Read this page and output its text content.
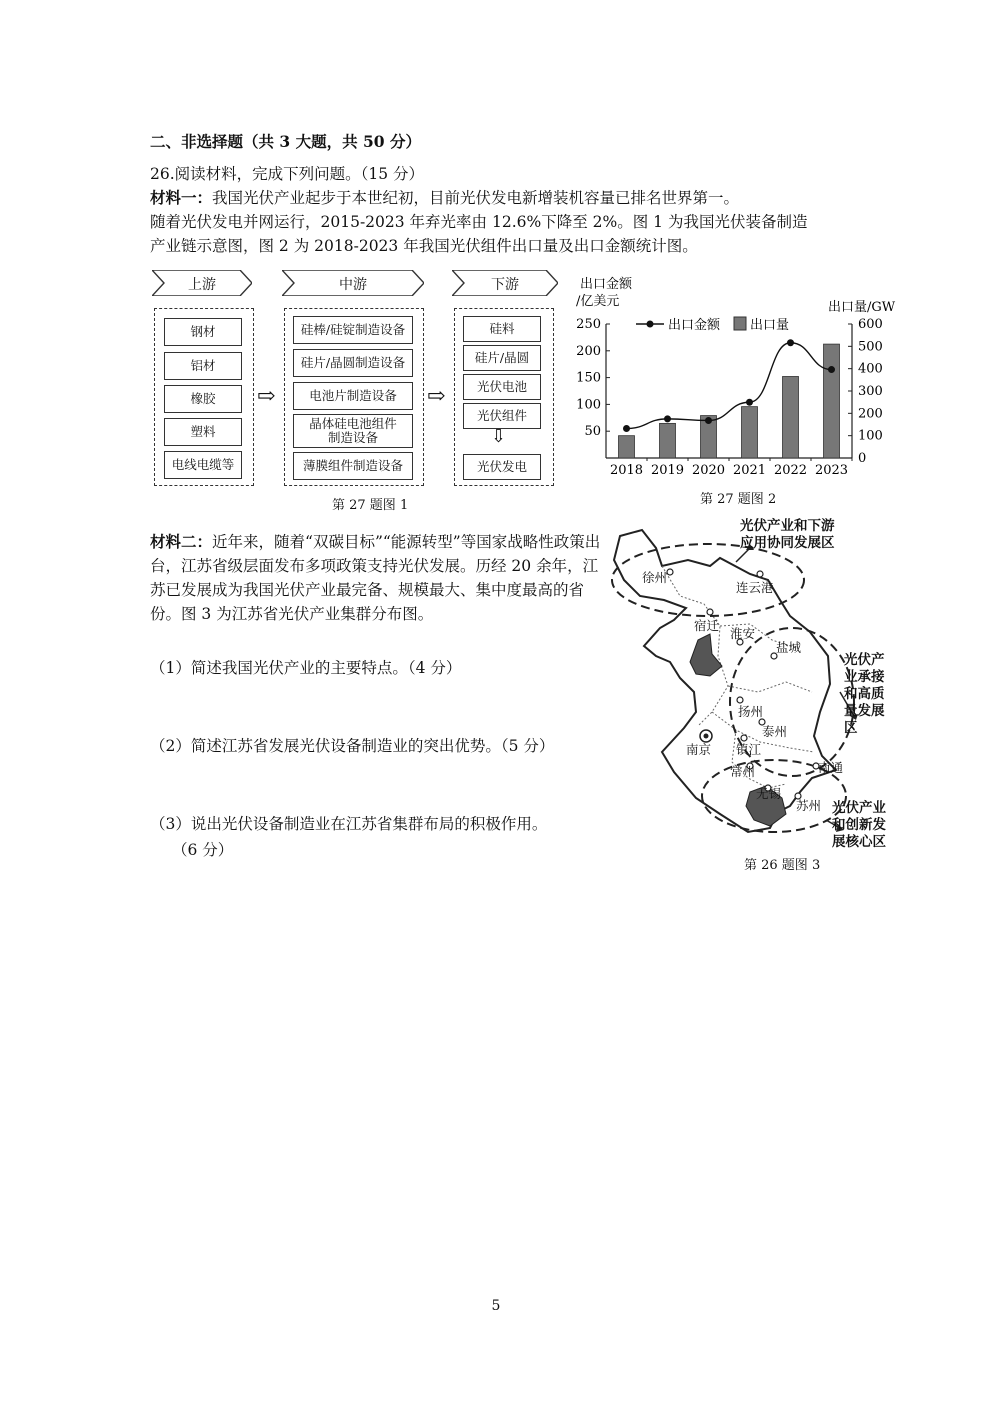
二、非选择题（共 3 大题，共 50 分）
26.阅读材料，完成下列问题。（15 分）
材料一：我国光伏产业起步于本世纪初，目前光伏发电新增装机容量已排名世界第一。
随着光伏发电并网运行，2015-2023 年弃光率由 12.6%下降至 2%。图 1 为我国光伏装备制造
产业链示意图，图 2 为 2018-2023 年我国光伏组件出口量及出口金额统计图。
上游	中游	下游
钢材
铝材
橡胶
塑料
电线电缆等
⇨
硅棒/硅锭制造设备
硅片/晶圆制造设备
电池片制造设备
晶体硅电池组件
制造设备
薄膜组件制造设备
⇨
硅料
硅片/晶圆
光伏电池
光伏组件
⇩
光伏发电
第 27 题图 1
出口金额
/亿美元	出口量/GW
50
100
150
200
250
0
100
200
300
400
500
600
2018 2019 2020 2021 2022 2023
出口金额 出口量
第 27 题图 2
材料二：近年来，随着“双碳目标”“能源转型”等国家战略性政策出台，江苏省级层面发布多项政策支持光伏发展。历经 20 余年，江苏已发展成为我国光伏产业最完备、规模最大、集中度最高的省份。图 3 为江苏省光伏产业集群分布图。
（1）简述我国光伏产业的主要特点。（4 分）
（2）简述江苏省发展光伏设备制造业的突出优势。（5 分）
（3）说出光伏设备制造业在江苏省集群布局的积极作用。
（6 分）
徐州
连云港
宿迁
淮安
盐城
扬州
泰州
南京 镇江
常州
无锡
苏州
南通
光伏产业和下游
应用协同发展区
光伏产
业承接
和高质
量发展
区
光伏产业
和创新发
展核心区
第 26 题图 3
5
